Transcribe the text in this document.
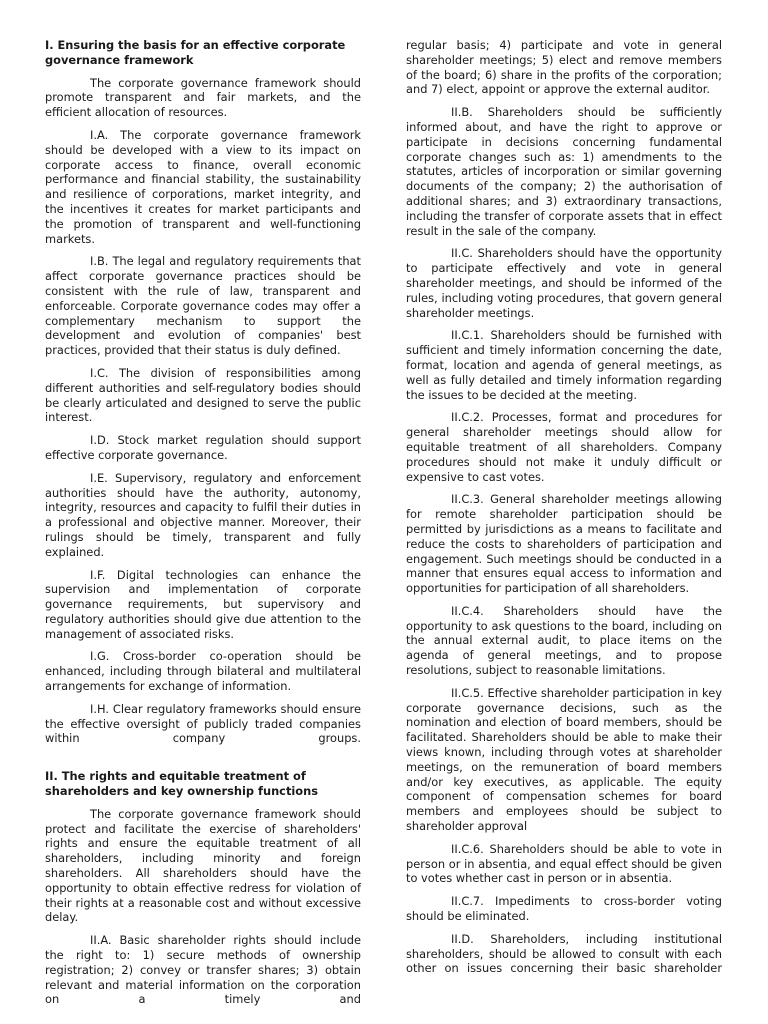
I. Ensuring the basis for an effective corporate governance framework

The corporate governance framework should promote transparent and fair markets, and the efficient allocation of resources.

I.A. The corporate governance framework should be developed with a view to its impact on corporate access to finance, overall economic performance and financial stability, the sustainability and resilience of corporations, market integrity, and the incentives it creates for market participants and the promotion of transparent and well-functioning markets.

I.B. The legal and regulatory requirements that affect corporate governance practices should be consistent with the rule of law, transparent and enforceable. Corporate governance codes may offer a complementary mechanism to support the development and evolution of companies' best practices, provided that their status is duly defined.

I.C. The division of responsibilities among different authorities and self-regulatory bodies should be clearly articulated and designed to serve the public interest.

I.D. Stock market regulation should support effective corporate governance.

I.E. Supervisory, regulatory and enforcement authorities should have the authority, autonomy, integrity, resources and capacity to fulfil their duties in a professional and objective manner. Moreover, their rulings should be timely, transparent and fully explained.

I.F. Digital technologies can enhance the supervision and implementation of corporate governance requirements, but supervisory and regulatory authorities should give due attention to the management of associated risks.

I.G. Cross-border co-operation should be enhanced, including through bilateral and multilateral arrangements for exchange of information.

I.H. Clear regulatory frameworks should ensure the effective oversight of publicly traded companies within company groups.

II. The rights and equitable treatment of shareholders and key ownership functions

The corporate governance framework should protect and facilitate the exercise of shareholders' rights and ensure the equitable treatment of all shareholders, including minority and foreign shareholders. All shareholders should have the opportunity to obtain effective redress for violation of their rights at a reasonable cost and without excessive delay.

II.A. Basic shareholder rights should include the right to: 1) secure methods of ownership registration; 2) convey or transfer shares; 3) obtain relevant and material information on the corporation on a timely and

regular basis; 4) participate and vote in general shareholder meetings; 5) elect and remove members of the board; 6) share in the profits of the corporation; and 7) elect, appoint or approve the external auditor.

II.B. Shareholders should be sufficiently informed about, and have the right to approve or participate in decisions concerning fundamental corporate changes such as: 1) amendments to the statutes, articles of incorporation or similar governing documents of the company; 2) the authorisation of additional shares; and 3) extraordinary transactions, including the transfer of corporate assets that in effect result in the sale of the company.

II.C. Shareholders should have the opportunity to participate effectively and vote in general shareholder meetings, and should be informed of the rules, including voting procedures, that govern general shareholder meetings.

II.C.1. Shareholders should be furnished with sufficient and timely information concerning the date, format, location and agenda of general meetings, as well as fully detailed and timely information regarding the issues to be decided at the meeting.

II.C.2. Processes, format and procedures for general shareholder meetings should allow for equitable treatment of all shareholders. Company procedures should not make it unduly difficult or expensive to cast votes.

II.C.3. General shareholder meetings allowing for remote shareholder participation should be permitted by jurisdictions as a means to facilitate and reduce the costs to shareholders of participation and engagement. Such meetings should be conducted in a manner that ensures equal access to information and opportunities for participation of all shareholders.

II.C.4. Shareholders should have the opportunity to ask questions to the board, including on the annual external audit, to place items on the agenda of general meetings, and to propose resolutions, subject to reasonable limitations.

II.C.5. Effective shareholder participation in key corporate governance decisions, such as the nomination and election of board members, should be facilitated. Shareholders should be able to make their views known, including through votes at shareholder meetings, on the remuneration of board members and/or key executives, as applicable. The equity component of compensation schemes for board members and employees should be subject to shareholder approval

II.C.6. Shareholders should be able to vote in person or in absentia, and equal effect should be given to votes whether cast in person or in absentia.

II.C.7. Impediments to cross-border voting should be eliminated.

II.D. Shareholders, including institutional shareholders, should be allowed to consult with each other on issues concerning their basic shareholder
